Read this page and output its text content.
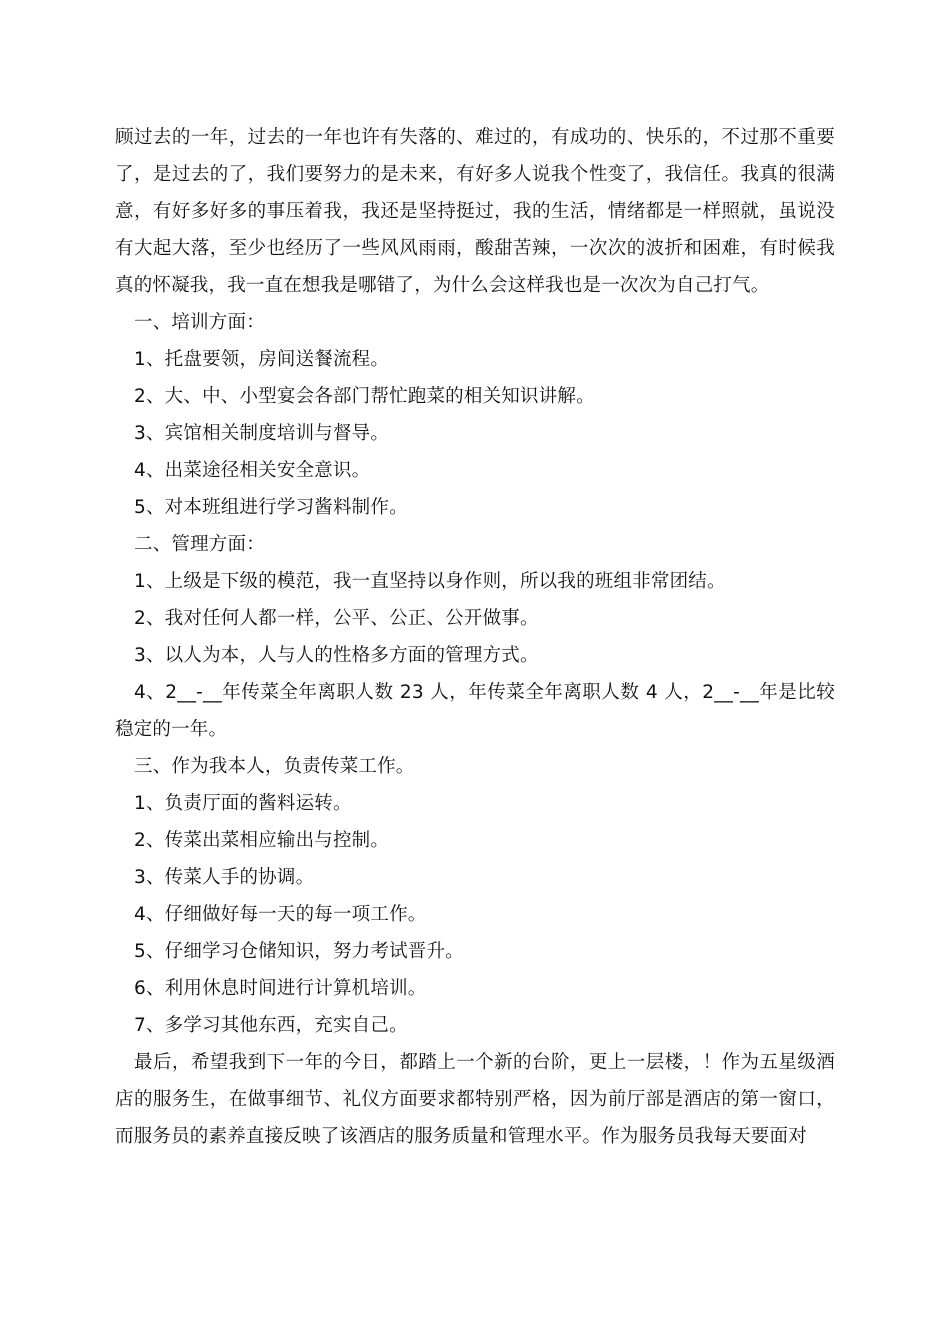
顾过去的一年，过去的一年也许有失落的、难过的，有成功的、快乐的，不过那不重要了，是过去的了，我们要努力的是未来，有好多人说我个性变了，我信任。我真的很满意，有好多好多的事压着我，我还是坚持挺过，我的生活，情绪都是一样照就，虽说没有大起大落，至少也经历了一些风风雨雨，酸甜苦辣，一次次的波折和困难，有时候我真的怀凝我，我一直在想我是哪错了，为什么会这样我也是一次次为自己打气。

一、培训方面：

1、托盘要领，房间送餐流程。

2、大、中、小型宴会各部门帮忙跑菜的相关知识讲解。

3、宾馆相关制度培训与督导。

4、出菜途径相关安全意识。

5、对本班组进行学习酱料制作。

二、管理方面：

1、上级是下级的模范，我一直坚持以身作则，所以我的班组非常团结。

2、我对任何人都一样，公平、公正、公开做事。

3、以人为本，人与人的性格多方面的管理方式。

4、2__-__年传菜全年离职人数 23 人，年传菜全年离职人数 4 人，2__-__年是比较稳定的一年。

三、作为我本人，负责传菜工作。

1、负责厅面的酱料运转。

2、传菜出菜相应输出与控制。

3、传菜人手的协调。

4、仔细做好每一天的每一项工作。

5、仔细学习仓储知识，努力考试晋升。

6、利用休息时间进行计算机培训。

7、多学习其他东西，充实自己。

最后，希望我到下一年的今日，都踏上一个新的台阶，更上一层楼，！作为五星级酒店的服务生，在做事细节、礼仪方面要求都特别严格，因为前厅部是酒店的第一窗口，而服务员的素养直接反映了该酒店的服务质量和管理水平。作为服务员我每天要面对
